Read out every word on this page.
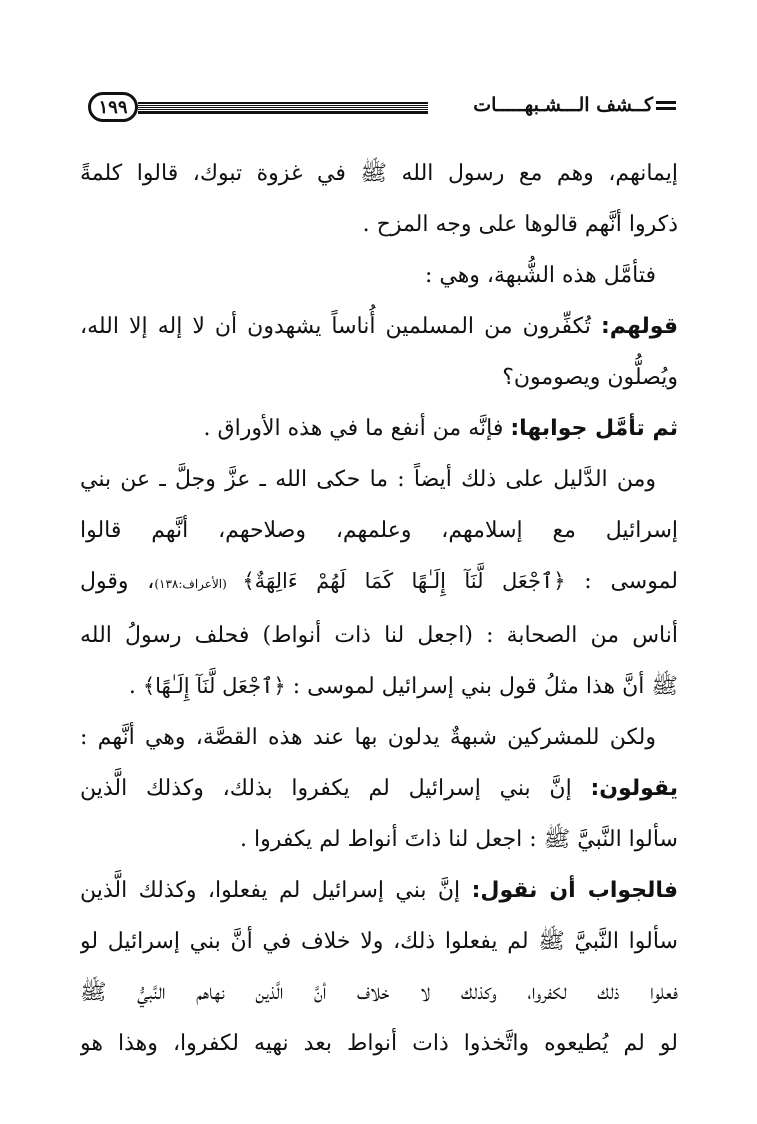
١٩٩	كــشف الـــشـبهـــــات
إيمانهم، وهم مع رسول الله ﷺ في غزوة تبوك، قالوا كلمةً
ذكروا أنَّهم قالوها على وجه المزح .
فتأمَّل هذه الشُّبهة، وهي :
قولهم: تُكفِّرون من المسلمين أُناساً يشهدون أن لا إله إلا الله،
ويُصلُّون ويصومون؟
ثم تأمَّل جوابها: فإنَّه من أنفع ما في هذه الأوراق .
ومن الدَّليل على ذلك أيضاً : ما حكى الله ـ عزَّ وجلَّ ـ عن بني
إسرائيل مع إسلامهم، وعلمهم، وصلاحهم، أنَّهم قالوا
لموسى : ﴿ٱجْعَل لَّنَآ إِلَـٰهًا كَمَا لَهُمْ ءَالِهَةٌ﴾ (الأعراف:١٣٨)، وقول
أناس من الصحابة : (اجعل لنا ذات أنواط) فحلف رسولُ الله
ﷺ أنَّ هذا مثلُ قول بني إسرائيل لموسى : ﴿ٱجْعَل لَّنَآ إِلَـٰهًا﴾ .
ولكن للمشركين شبهةٌ يدلون بها عند هذه القصَّة، وهي أنَّهم :
يقولون: إنَّ بني إسرائيل لم يكفروا بذلك، وكذلك الَّذين
سألوا النَّبيَّ ﷺ : اجعل لنا ذاتَ أنواط لم يكفروا .
فالجواب أن نقول: إنَّ بني إسرائيل لم يفعلوا، وكذلك الَّذين
سألوا النَّبيَّ ﷺ لم يفعلوا ذلك، ولا خلاف في أنَّ بني إسرائيل لو
فعلوا ذلك لكفروا، وكذلك لا خلاف أنَّ الَّذين نهاهم النَّبيُّ ﷺ
لو لم يُطيعوه واتَّخذوا ذات أنواط بعد نهيه لكفروا، وهذا هو
